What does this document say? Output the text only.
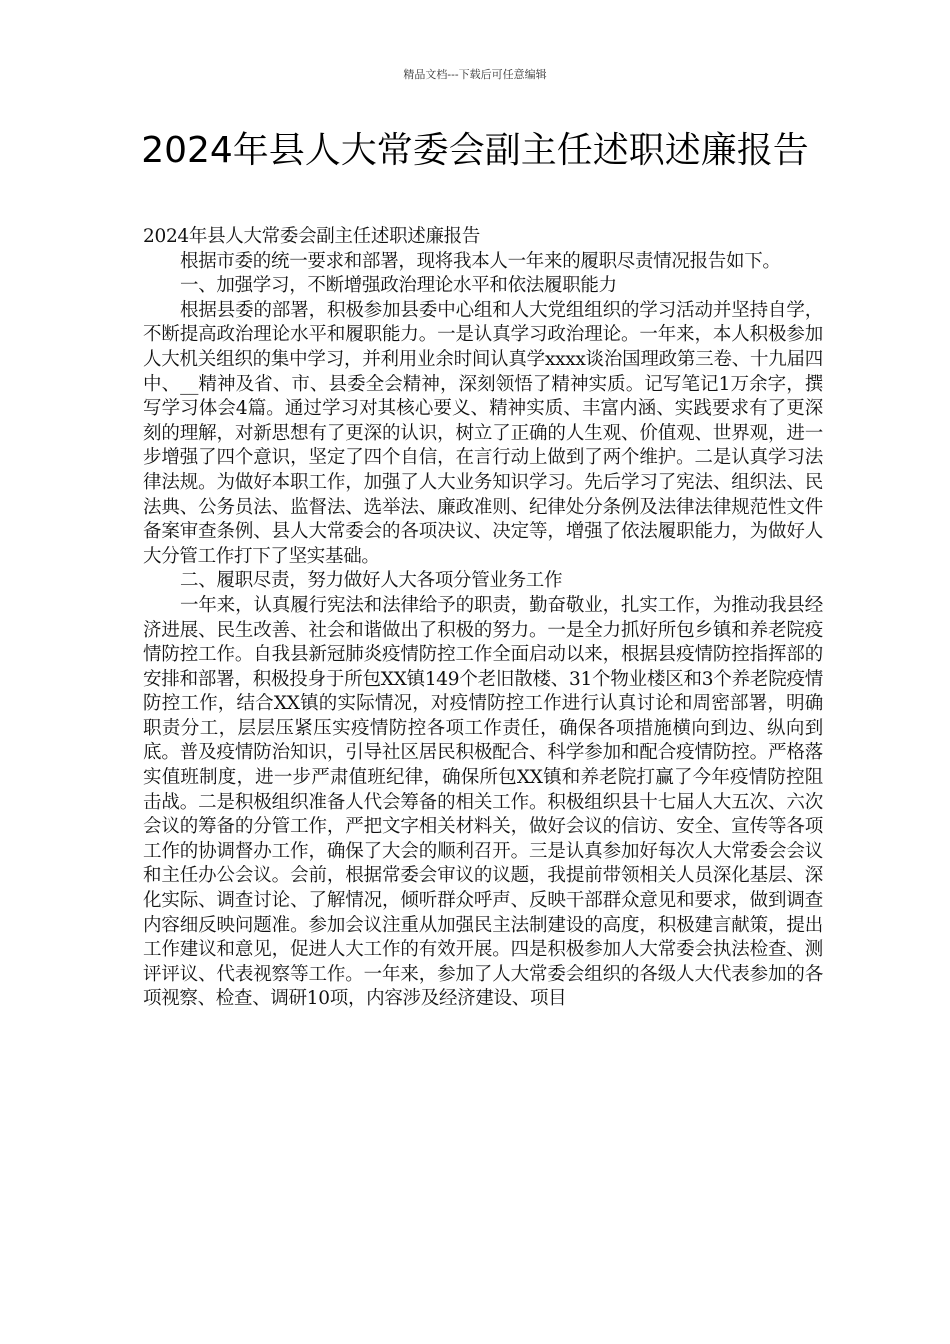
精品文档---下载后可任意编辑
2024年县人大常委会副主任述职述廉报告

2024年县人大常委会副主任述职述廉报告

根据市委的统一要求和部署，现将我本人一年来的履职尽责情况报告如下。

一、加强学习，不断增强政治理论水平和依法履职能力

根据县委的部署，积极参加县委中心组和人大党组组织的学习活动并坚持自学，不断提高政治理论水平和履职能力。一是认真学习政治理论。一年来，本人积极参加人大机关组织的集中学习，并利用业余时间认真学xxxx谈治国理政第三卷、十九届四中、__精神及省、市、县委全会精神，深刻领悟了精神实质。记写笔记1万余字，撰写学习体会4篇。通过学习对其核心要义、精神实质、丰富内涵、实践要求有了更深刻的理解，对新思想有了更深的认识，树立了正确的人生观、价值观、世界观，进一步增强了四个意识，坚定了四个自信，在言行动上做到了两个维护。二是认真学习法律法规。为做好本职工作，加强了人大业务知识学习。先后学习了宪法、组织法、民法典、公务员法、监督法、选举法、廉政准则、纪律处分条例及法律法律规范性文件备案审查条例、县人大常委会的各项决议、决定等，增强了依法履职能力，为做好人大分管工作打下了坚实基础。

二、履职尽责，努力做好人大各项分管业务工作

一年来，认真履行宪法和法律给予的职责，勤奋敬业，扎实工作，为推动我县经济进展、民生改善、社会和谐做出了积极的努力。一是全力抓好所包乡镇和养老院疫情防控工作。自我县新冠肺炎疫情防控工作全面启动以来，根据县疫情防控指挥部的安排和部署，积极投身于所包XX镇149个老旧散楼、31个物业楼区和3个养老院疫情防控工作，结合XX镇的实际情况，对疫情防控工作进行认真讨论和周密部署，明确职责分工，层层压紧压实疫情防控各项工作责任，确保各项措施横向到边、纵向到底。普及疫情防治知识，引导社区居民积极配合、科学参加和配合疫情防控。严格落实值班制度，进一步严肃值班纪律，确保所包XX镇和养老院打赢了今年疫情防控阻击战。二是积极组织准备人代会筹备的相关工作。积极组织县十七届人大五次、六次会议的筹备的分管工作，严把文字相关材料关，做好会议的信访、安全、宣传等各项工作的协调督办工作，确保了大会的顺利召开。三是认真参加好每次人大常委会会议和主任办公会议。会前，根据常委会审议的议题，我提前带领相关人员深化基层、深化实际、调查讨论、了解情况，倾听群众呼声、反映干部群众意见和要求，做到调查内容细反映问题准。参加会议注重从加强民主法制建设的高度，积极建言献策，提出工作建议和意见，促进人大工作的有效开展。四是积极参加人大常委会执法检查、测评评议、代表视察等工作。一年来，参加了人大常委会组织的各级人大代表参加的各项视察、检查、调研10项，内容涉及经济建设、项目
